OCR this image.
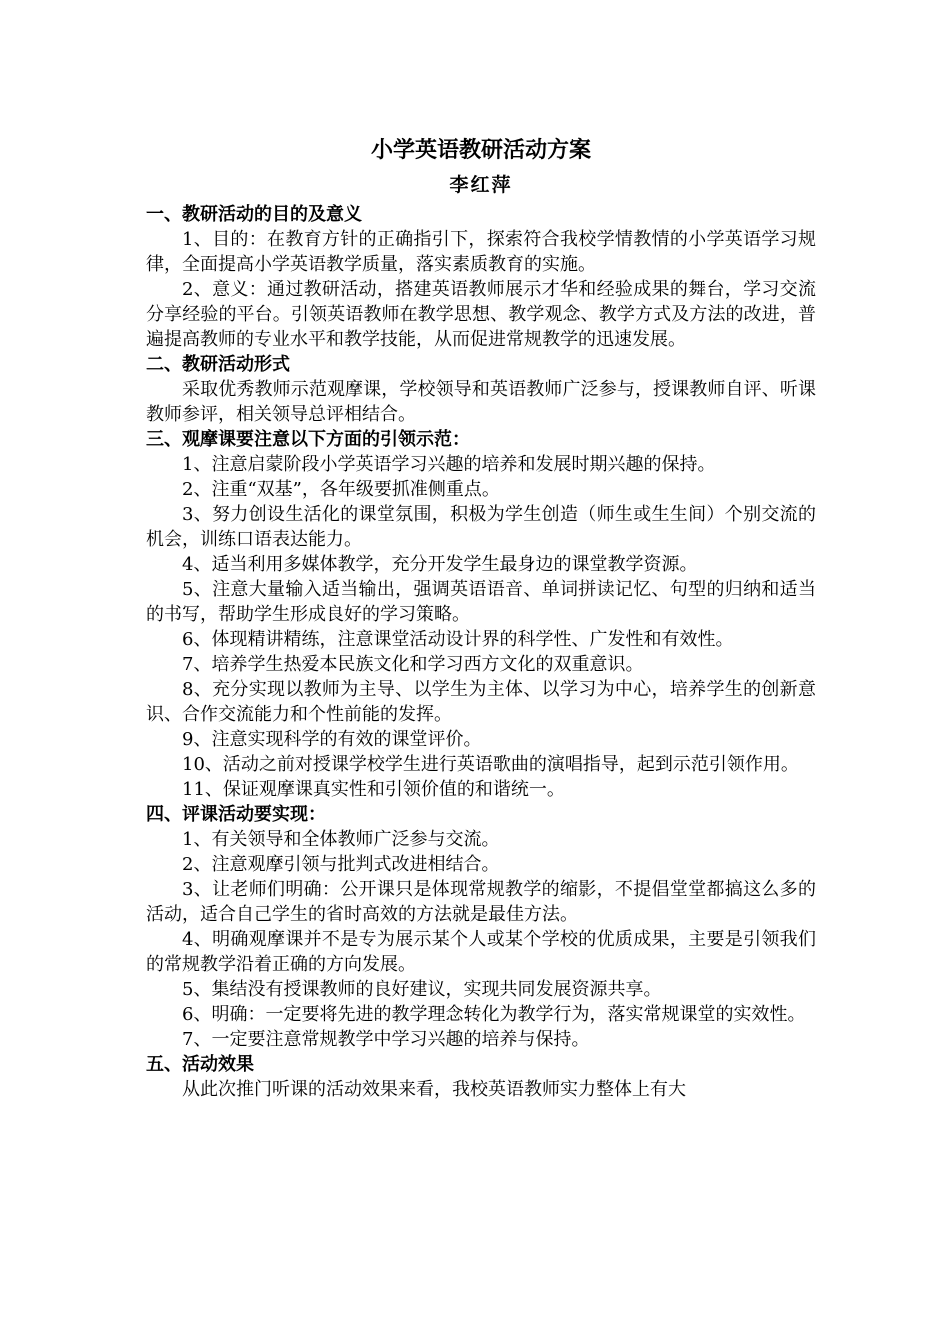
小学英语教研活动方案
李红萍
一、教研活动的目的及意义

1、目的：在教育方针的正确指引下，探索符合我校学情教情的小学英语学习规律，全面提高小学英语教学质量，落实素质教育的实施。

2、意义：通过教研活动，搭建英语教师展示才华和经验成果的舞台，学习交流分享经验的平台。引领英语教师在教学思想、教学观念、教学方式及方法的改进，普遍提高教师的专业水平和教学技能，从而促进常规教学的迅速发展。

二、教研活动形式

采取优秀教师示范观摩课，学校领导和英语教师广泛参与，授课教师自评、听课教师参评，相关领导总评相结合。

三、观摩课要注意以下方面的引领示范：

1、注意启蒙阶段小学英语学习兴趣的培养和发展时期兴趣的保持。

2、注重“双基”，各年级要抓准侧重点。

3、努力创设生活化的课堂氛围，积极为学生创造（师生或生生间）个别交流的机会，训练口语表达能力。

4、适当利用多媒体教学，充分开发学生最身边的课堂教学资源。

5、注意大量输入适当输出，强调英语语音、单词拼读记忆、句型的归纳和适当的书写，帮助学生形成良好的学习策略。

6、体现精讲精练，注意课堂活动设计界的科学性、广发性和有效性。

7、培养学生热爱本民族文化和学习西方文化的双重意识。

8、充分实现以教师为主导、以学生为主体、以学习为中心，培养学生的创新意识、合作交流能力和个性前能的发挥。

9、注意实现科学的有效的课堂评价。

10、活动之前对授课学校学生进行英语歌曲的演唱指导，起到示范引领作用。

11、保证观摩课真实性和引领价值的和谐统一。

四、评课活动要实现：

1、有关领导和全体教师广泛参与交流。

2、注意观摩引领与批判式改进相结合。

3、让老师们明确：公开课只是体现常规教学的缩影，不提倡堂堂都搞这么多的活动，适合自己学生的省时高效的方法就是最佳方法。

4、明确观摩课并不是专为展示某个人或某个学校的优质成果，主要是引领我们的常规教学沿着正确的方向发展。

5、集结没有授课教师的良好建议，实现共同发展资源共享。

6、明确：一定要将先进的教学理念转化为教学行为，落实常规课堂的实效性。

7、一定要注意常规教学中学习兴趣的培养与保持。

五、活动效果

从此次推门听课的活动效果来看，我校英语教师实力整体上有大
